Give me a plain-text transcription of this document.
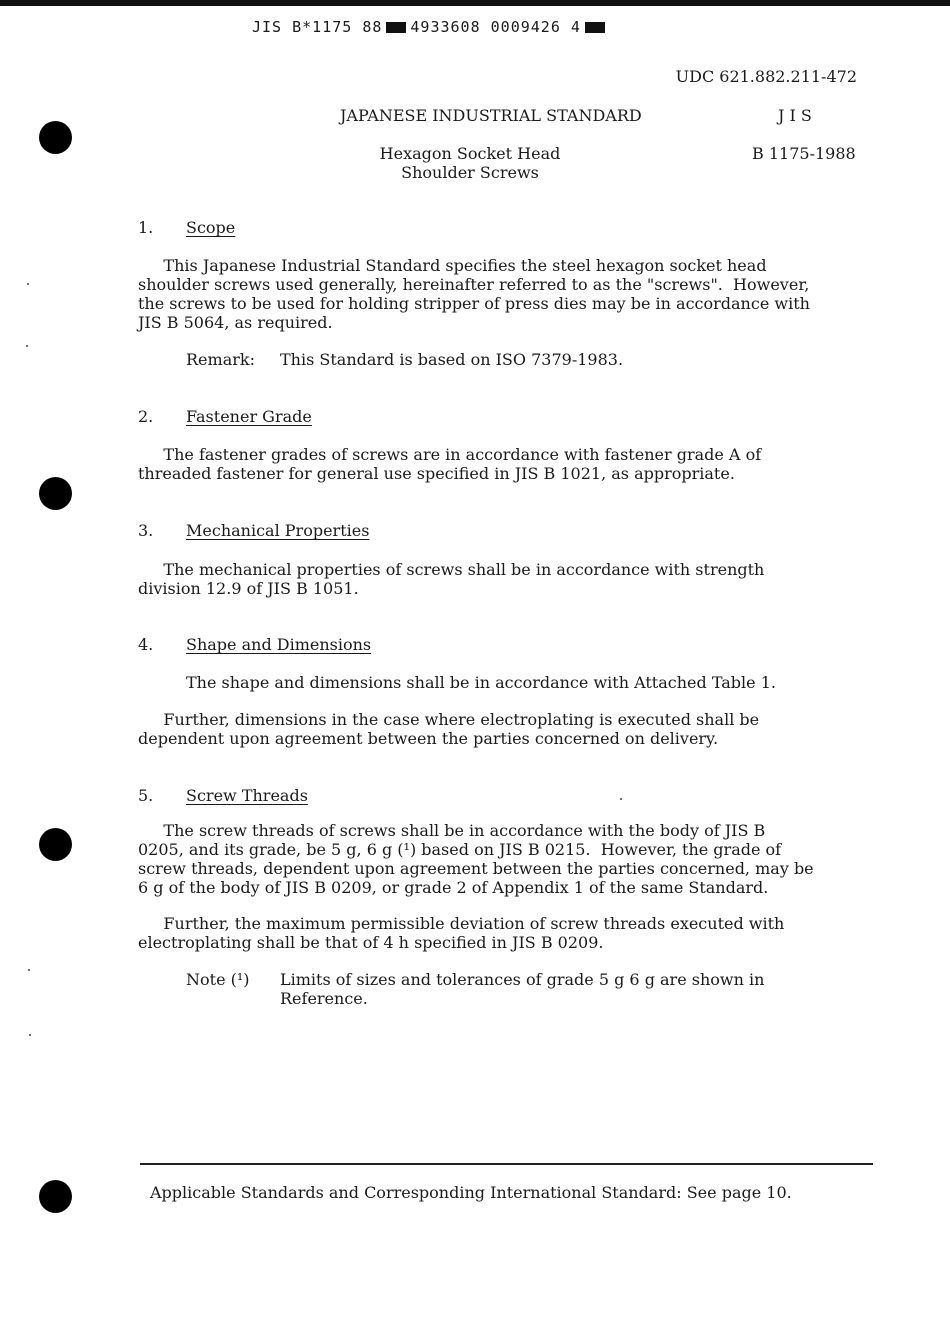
JIS B*1175 88 4933608 0009426 4
UDC 621.882.211-472
JAPANESE INDUSTRIAL STANDARD	J I S
Hexagon Socket Head
Shoulder Screws
B 1175-1988
1. Scope
This Japanese Industrial Standard specifies the steel hexagon socket head
shoulder screws used generally, hereinafter referred to as the "screws".  However,
the screws to be used for holding stripper of press dies may be in accordance with
JIS B 5064, as required.
Remark: This Standard is based on ISO 7379-1983.
2. Fastener Grade
The fastener grades of screws are in accordance with fastener grade A of
threaded fastener for general use specified in JIS B 1021, as appropriate.
3. Mechanical Properties
The mechanical properties of screws shall be in accordance with strength
division 12.9 of JIS B 1051.
4. Shape and Dimensions
The shape and dimensions shall be in accordance with Attached Table 1.
Further, dimensions in the case where electroplating is executed shall be
dependent upon agreement between the parties concerned on delivery.
5. Screw Threads
The screw threads of screws shall be in accordance with the body of JIS B
0205, and its grade, be 5 g, 6 g (¹) based on JIS B 0215.  However, the grade of
screw threads, dependent upon agreement between the parties concerned, may be
6 g of the body of JIS B 0209, or grade 2 of Appendix 1 of the same Standard.
Further, the maximum permissible deviation of screw threads executed with
electroplating shall be that of 4 h specified in JIS B 0209.
Note (¹) Limits of sizes and tolerances of grade 5 g 6 g are shown in
Reference.
Applicable Standards and Corresponding International Standard: See page 10.
